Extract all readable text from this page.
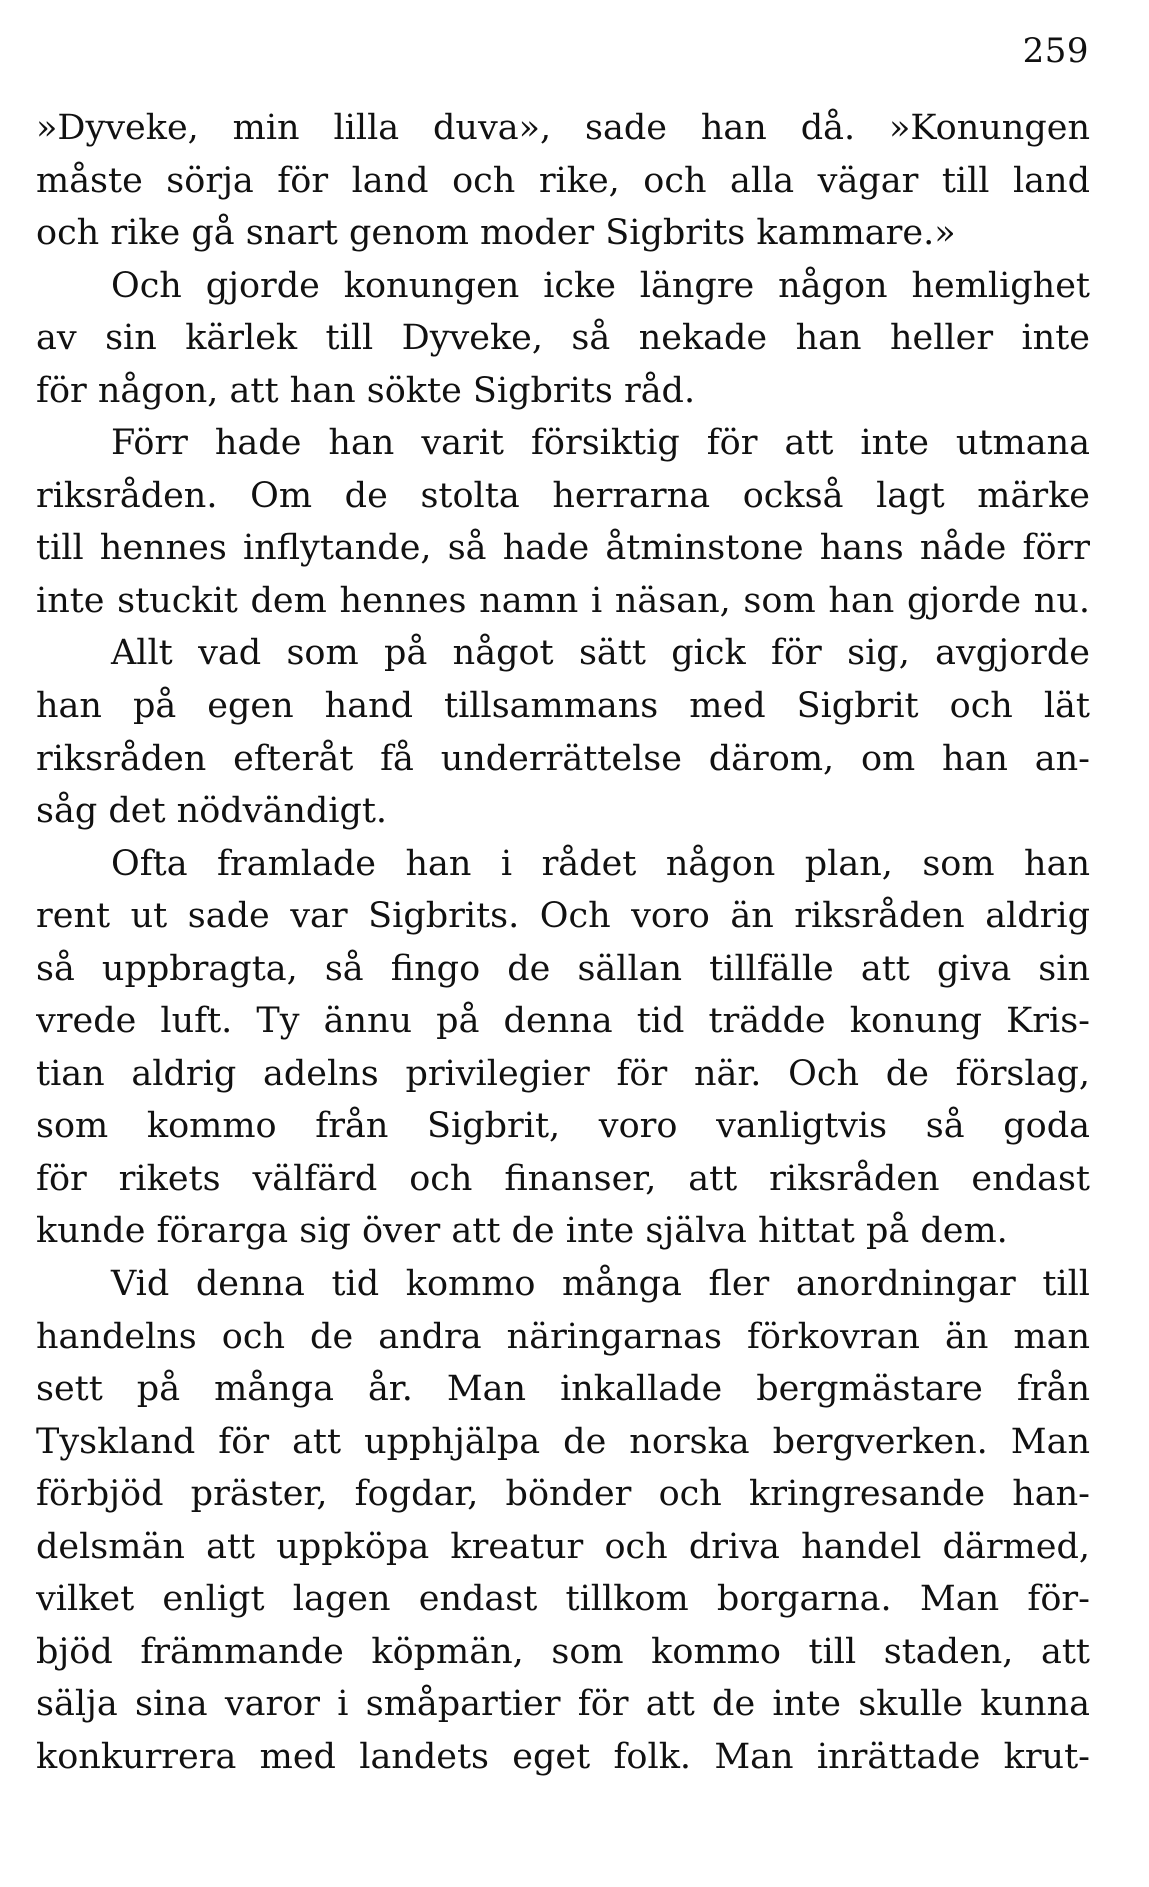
259
»Dyveke, min lilla duva», sade han då. »Konungen
måste sörja för land och rike, och alla vägar till land
och rike gå snart genom moder Sigbrits kammare.»
Och gjorde konungen icke längre någon hemlighet
av sin kärlek till Dyveke, så nekade han heller inte
för någon, att han sökte Sigbrits råd.
Förr hade han varit försiktig för att inte utmana
riksråden. Om de stolta herrarna också lagt märke
till hennes inflytande, så hade åtminstone hans nåde förr
inte stuckit dem hennes namn i näsan, som han gjorde nu.
Allt vad som på något sätt gick för sig, avgjorde
han på egen hand tillsammans med Sigbrit och lät
riksråden efteråt få underrättelse därom, om han an-
såg det nödvändigt.
Ofta framlade han i rådet någon plan, som han
rent ut sade var Sigbrits. Och voro än riksråden aldrig
så uppbragta, så fingo de sällan tillfälle att giva sin
vrede luft. Ty ännu på denna tid trädde konung Kris-
tian aldrig adelns privilegier för när. Och de förslag,
som kommo från Sigbrit, voro vanligtvis så goda
för rikets välfärd och finanser, att riksråden endast
kunde förarga sig över att de inte själva hittat på dem.
Vid denna tid kommo många fler anordningar till
handelns och de andra näringarnas förkovran än man
sett på många år. Man inkallade bergmästare från
Tyskland för att upphjälpa de norska bergverken. Man
förbjöd präster, fogdar, bönder och kringresande han-
delsmän att uppköpa kreatur och driva handel därmed,
vilket enligt lagen endast tillkom borgarna. Man för-
bjöd främmande köpmän, som kommo till staden, att
sälja sina varor i småpartier för att de inte skulle kunna
konkurrera med landets eget folk. Man inrättade krut-
